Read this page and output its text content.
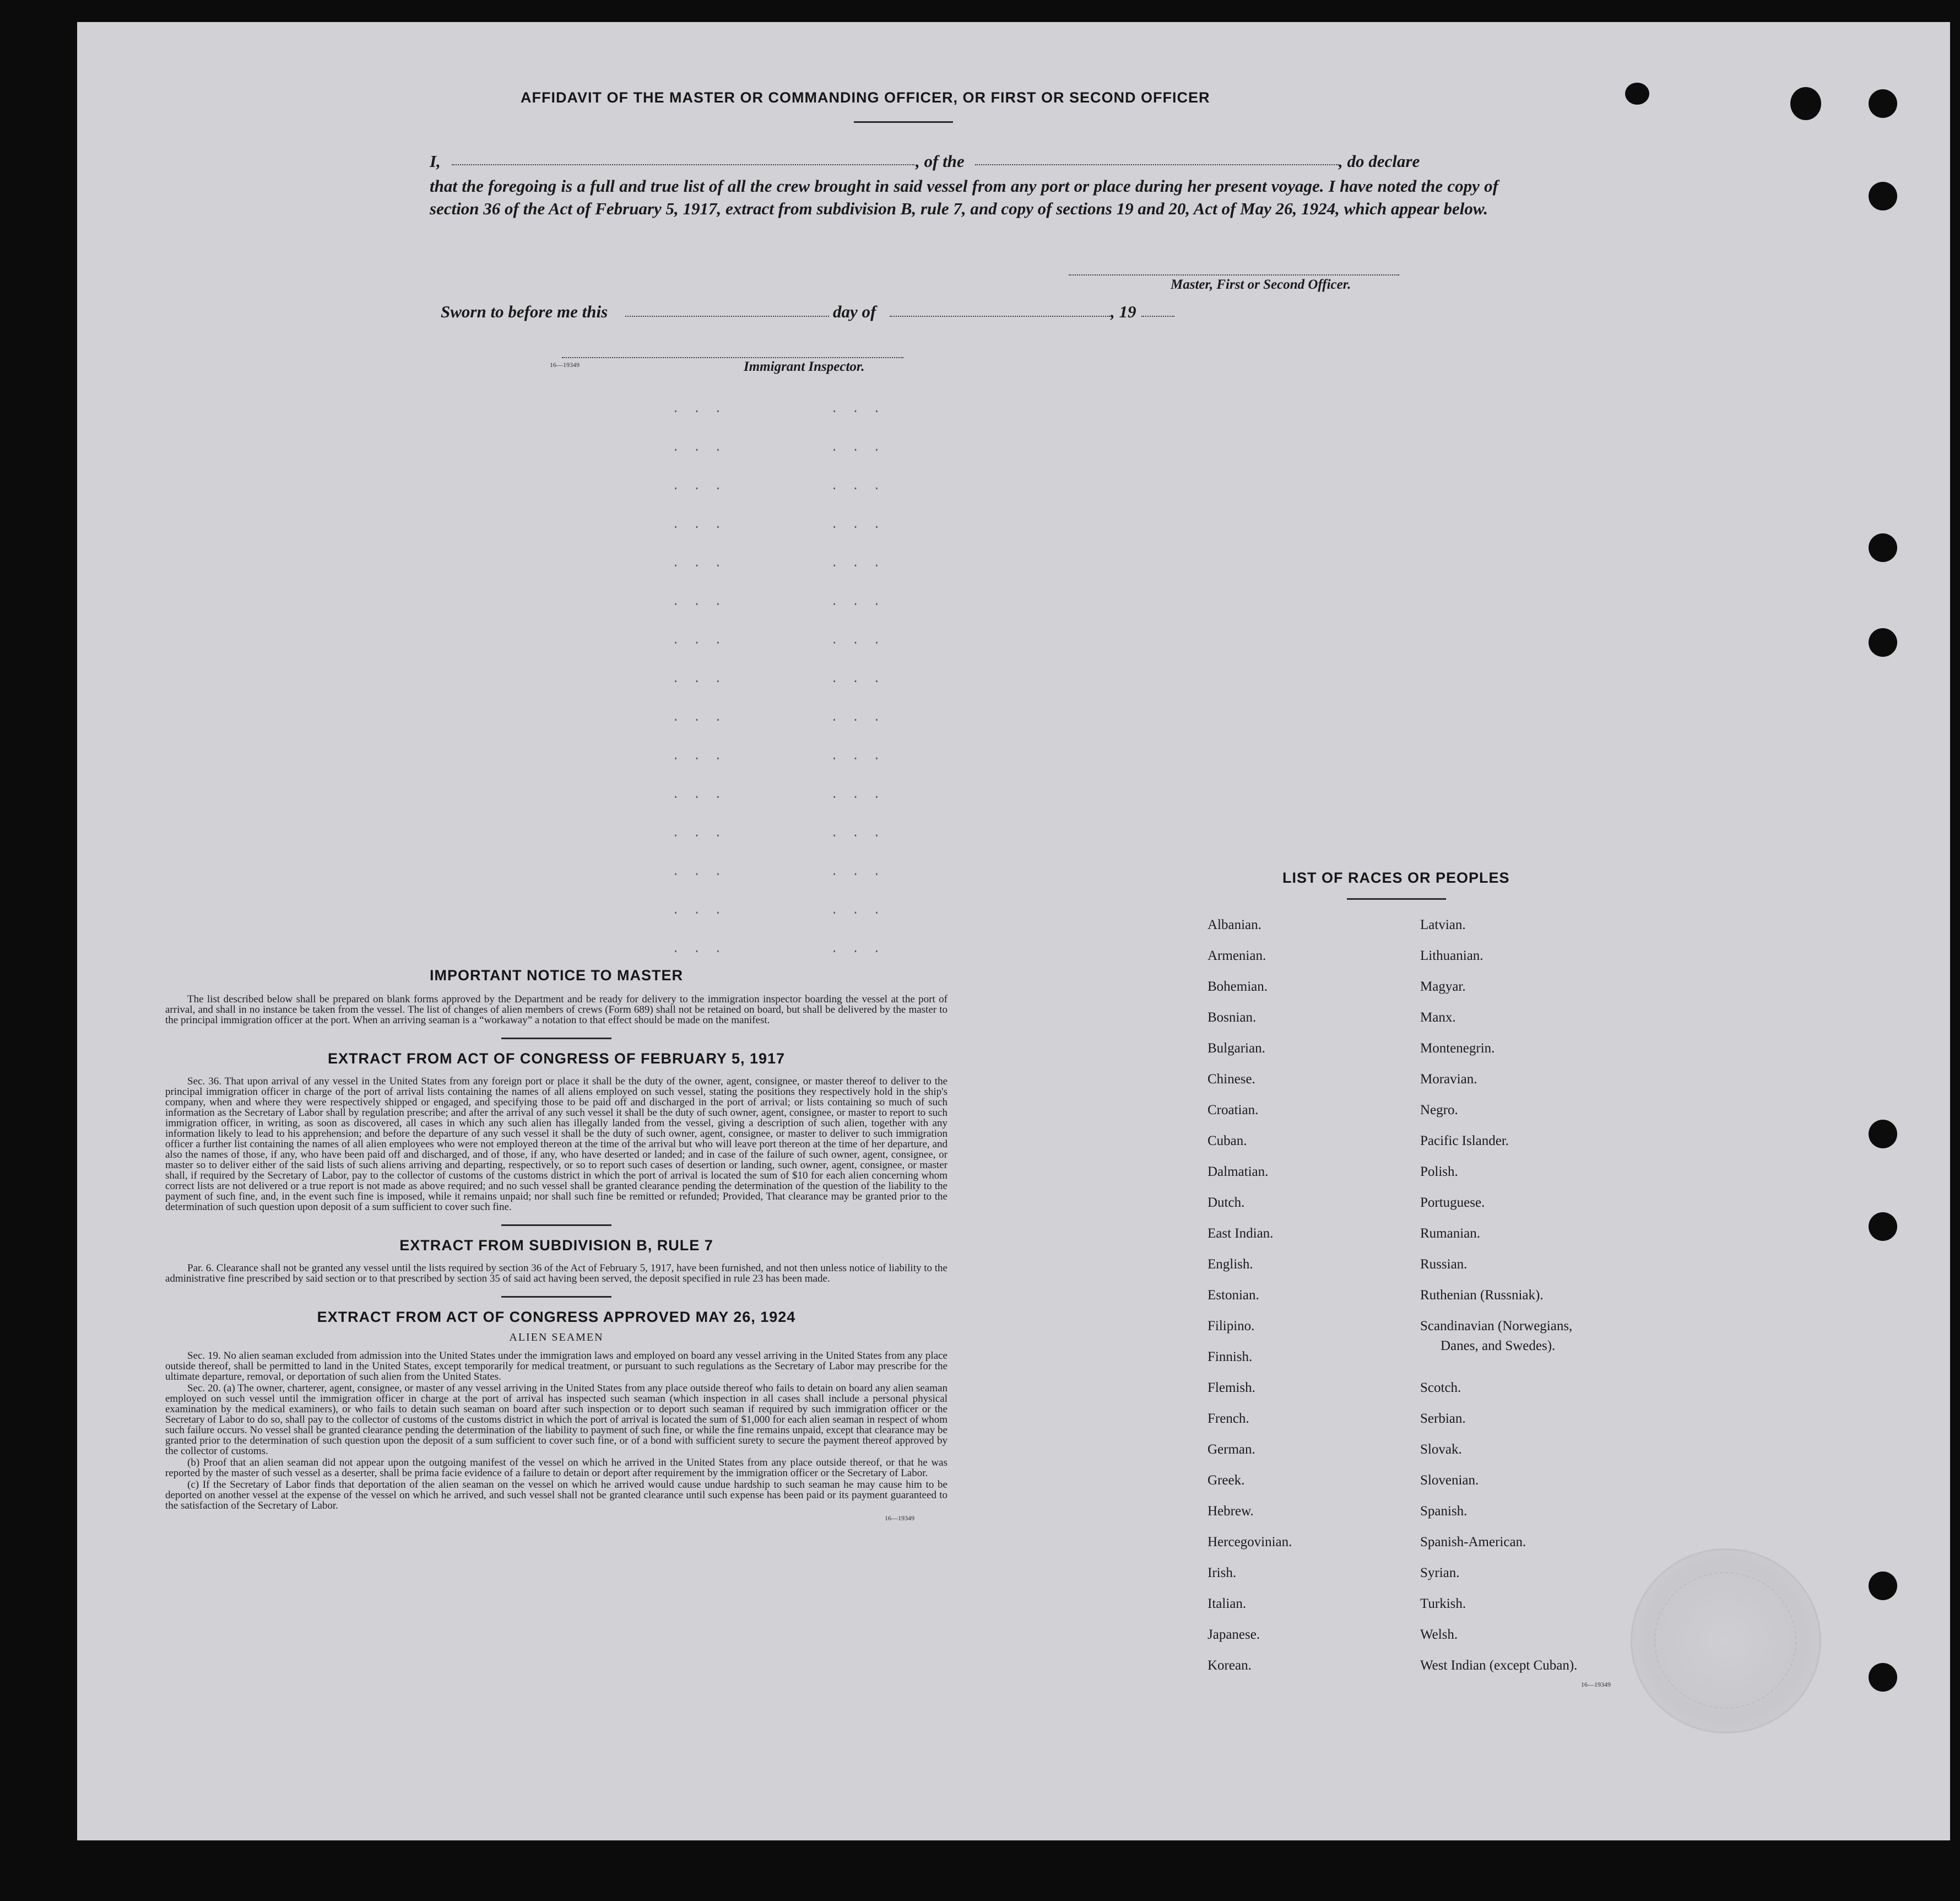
AFFIDAVIT OF THE MASTER OR COMMANDING OFFICER, OR FIRST OR SECOND OFFICER
I,	, of the	, do declare
that the foregoing is a full and true list of all the crew brought in said vessel from any port or place during her present voyage. I have noted the copy of section 36 of the Act of February 5, 1917, extract from subdivision B, rule 7, and copy of sections 19 and 20, Act of May 26, 1924, which appear below.
Master, First or Second Officer.
Sworn to before me this	day of	, 19
16—19349	Immigrant Inspector.
. . .          . . .
. . .          . . .
. . .          . . .
. . .          . . .
. . .          . . .
. . .          . . .
. . .          . . .
. . .          . . .
. . .          . . .
. . .          . . .
. . .          . . .
. . .          . . .
. . .          . . .
. . .          . . .
. . .          . . .
IMPORTANT NOTICE TO MASTER

The list described below shall be prepared on blank forms approved by the Department and be ready for delivery to the immigration inspector boarding the vessel at the port of arrival, and shall in no instance be taken from the vessel. The list of changes of alien members of crews (Form 689) shall not be retained on board, but shall be delivered by the master to the principal immigration officer at the port. When an arriving seaman is a “workaway” a notation to that effect should be made on the manifest.

EXTRACT FROM ACT OF CONGRESS OF FEBRUARY 5, 1917

Sec. 36. That upon arrival of any vessel in the United States from any foreign port or place it shall be the duty of the owner, agent, consignee, or master thereof to deliver to the principal immigration officer in charge of the port of arrival lists containing the names of all aliens employed on such vessel, stating the positions they respectively hold in the ship's company, when and where they were respectively shipped or engaged, and specifying those to be paid off and discharged in the port of arrival; or lists containing so much of such information as the Secretary of Labor shall by regulation prescribe; and after the arrival of any such vessel it shall be the duty of such owner, agent, consignee, or master to report to such immigration officer, in writing, as soon as discovered, all cases in which any such alien has illegally landed from the vessel, giving a description of such alien, together with any information likely to lead to his apprehension; and before the departure of any such vessel it shall be the duty of such owner, agent, consignee, or master to deliver to such immigration officer a further list containing the names of all alien employees who were not employed thereon at the time of the arrival but who will leave port thereon at the time of her departure, and also the names of those, if any, who have been paid off and discharged, and of those, if any, who have deserted or landed; and in case of the failure of such owner, agent, consignee, or master so to deliver either of the said lists of such aliens arriving and departing, respectively, or so to report such cases of desertion or landing, such owner, agent, consignee, or master shall, if required by the Secretary of Labor, pay to the collector of customs of the customs district in which the port of arrival is located the sum of $10 for each alien concerning whom correct lists are not delivered or a true report is not made as above required; and no such vessel shall be granted clearance pending the determination of the question of the liability to the payment of such fine, and, in the event such fine is imposed, while it remains unpaid; nor shall such fine be remitted or refunded; Provided, That clearance may be granted prior to the determination of such question upon deposit of a sum sufficient to cover such fine.

EXTRACT FROM SUBDIVISION B, RULE 7

Par. 6. Clearance shall not be granted any vessel until the lists required by section 36 of the Act of February 5, 1917, have been furnished, and not then unless notice of liability to the administrative fine prescribed by said section or to that prescribed by section 35 of said act having been served, the deposit specified in rule 23 has been made.

EXTRACT FROM ACT OF CONGRESS APPROVED MAY 26, 1924
ALIEN SEAMEN

Sec. 19. No alien seaman excluded from admission into the United States under the immigration laws and employed on board any vessel arriving in the United States from any place outside thereof, shall be permitted to land in the United States, except temporarily for medical treatment, or pursuant to such regulations as the Secretary of Labor may prescribe for the ultimate departure, removal, or deportation of such alien from the United States.

Sec. 20. (a) The owner, charterer, agent, consignee, or master of any vessel arriving in the United States from any place outside thereof who fails to detain on board any alien seaman employed on such vessel until the immigration officer in charge at the port of arrival has inspected such seaman (which inspection in all cases shall include a personal physical examination by the medical examiners), or who fails to detain such seaman on board after such inspection or to deport such seaman if required by such immigration officer or the Secretary of Labor to do so, shall pay to the collector of customs of the customs district in which the port of arrival is located the sum of $1,000 for each alien seaman in respect of whom such failure occurs. No vessel shall be granted clearance pending the determination of the liability to payment of such fine, or while the fine remains unpaid, except that clearance may be granted prior to the determination of such question upon the deposit of a sum sufficient to cover such fine, or of a bond with sufficient surety to secure the payment thereof approved by the collector of customs.

(b) Proof that an alien seaman did not appear upon the outgoing manifest of the vessel on which he arrived in the United States from any place outside thereof, or that he was reported by the master of such vessel as a deserter, shall be prima facie evidence of a failure to detain or deport after requirement by the immigration officer or the Secretary of Labor.

(c) If the Secretary of Labor finds that deportation of the alien seaman on the vessel on which he arrived would cause undue hardship to such seaman he may cause him to be deported on another vessel at the expense of the vessel on which he arrived, and such vessel shall not be granted clearance until such expense has been paid or its payment guaranteed to the satisfaction of the Secretary of Labor.

16—19349
LIST OF RACES OR PEOPLES
Albanian.
Armenian.
Bohemian.
Bosnian.
Bulgarian.
Chinese.
Croatian.
Cuban.
Dalmatian.
Dutch.
East Indian.
English.
Estonian.
Filipino.
Finnish.
Flemish.
French.
German.
Greek.
Hebrew.
Hercegovinian.
Irish.
Italian.
Japanese.
Korean.
Latvian.
Lithuanian.
Magyar.
Manx.
Montenegrin.
Moravian.
Negro.
Pacific Islander.
Polish.
Portuguese.
Rumanian.
Russian.
Ruthenian (Russniak).
Scandinavian (Norwegians,
Danes, and Swedes).
Scotch.
Serbian.
Slovak.
Slovenian.
Spanish.
Spanish-American.
Syrian.
Turkish.
Welsh.
West Indian (except Cuban).
16—19349
